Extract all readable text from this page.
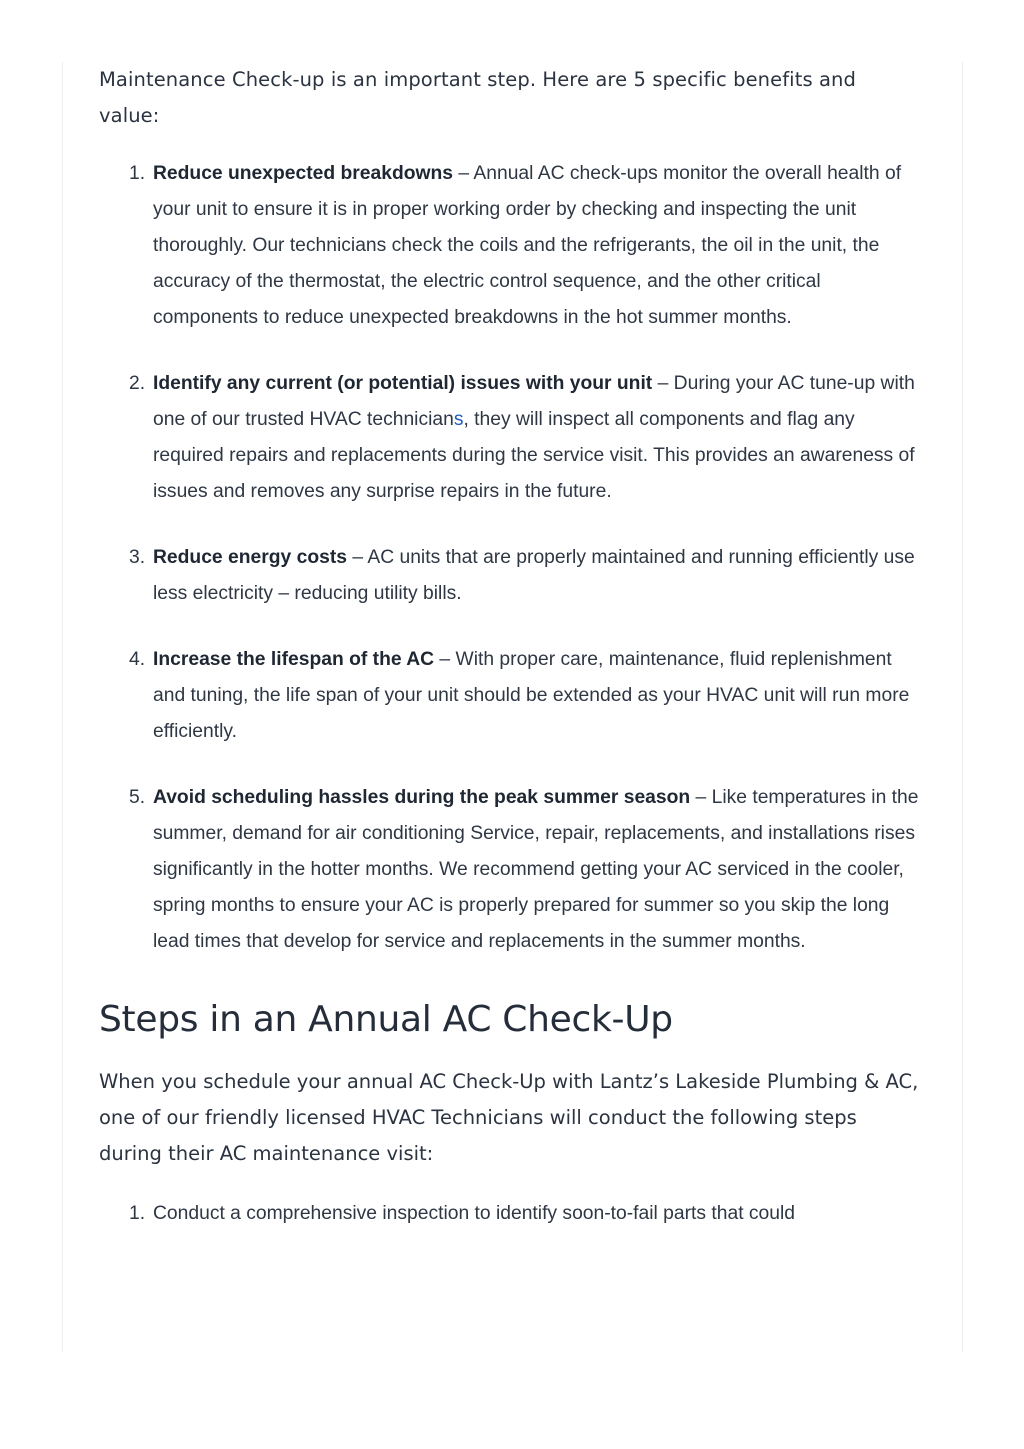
Maintenance Check-up is an important step. Here are 5 specific benefits and value:

1. Reduce unexpected breakdowns – Annual AC check-ups monitor the overall health of your unit to ensure it is in proper working order by checking and inspecting the unit thoroughly. Our technicians check the coils and the refrigerants, the oil in the unit, the accuracy of the thermostat, the electric control sequence, and the other critical components to reduce unexpected breakdowns in the hot summer months.
2. Identify any current (or potential) issues with your unit – During your AC tune-up with one of our trusted HVAC technicians, they will inspect all components and flag any required repairs and replacements during the service visit. This provides an awareness of issues and removes any surprise repairs in the future.
3. Reduce energy costs – AC units that are properly maintained and running efficiently use less electricity – reducing utility bills.
4. Increase the lifespan of the AC – With proper care, maintenance, fluid replenishment and tuning, the life span of your unit should be extended as your HVAC unit will run more efficiently.
5. Avoid scheduling hassles during the peak summer season – Like temperatures in the summer, demand for air conditioning Service, repair, replacements, and installations rises significantly in the hotter months. We recommend getting your AC serviced in the cooler, spring months to ensure your AC is properly prepared for summer so you skip the long lead times that develop for service and replacements in the summer months.
Steps in an Annual AC Check-Up

When you schedule your annual AC Check-Up with Lantz’s Lakeside Plumbing & AC, one of our friendly licensed HVAC Technicians will conduct the following steps during their AC maintenance visit:

1. Conduct a comprehensive inspection to identify soon-to-fail parts that could
